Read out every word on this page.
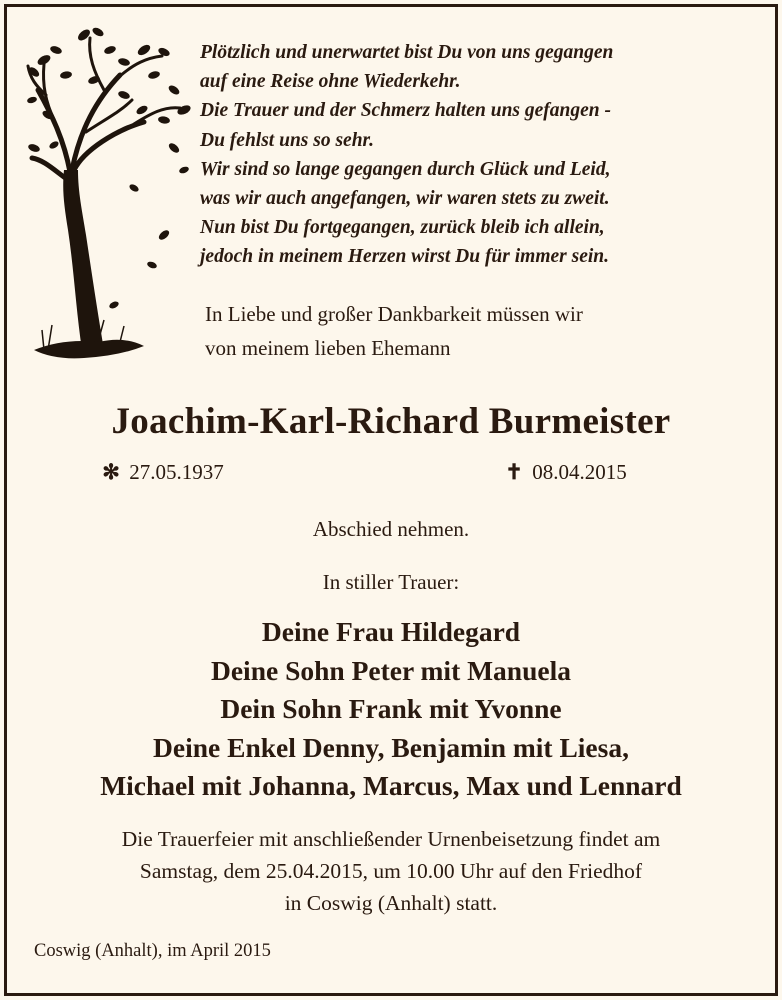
Plötzlich und unerwartet bist Du von uns gegangen
auf eine Reise ohne Wiederkehr.
Die Trauer und der Schmerz halten uns gefangen -
Du fehlst uns so sehr.
Wir sind so lange gegangen durch Glück und Leid,
was wir auch angefangen, wir waren stets zu zweit.
Nun bist Du fortgegangen, zurück bleib ich allein,
jedoch in meinem Herzen wirst Du für immer sein.
In Liebe und großer Dankbarkeit müssen wir
von meinem lieben Ehemann
Joachim-Karl-Richard Burmeister
✻ 27.05.1937	✝ 08.04.2015
Abschied nehmen.
In stiller Trauer:
Deine Frau Hildegard
Deine Sohn Peter mit Manuela
Dein Sohn Frank mit Yvonne
Deine Enkel Denny, Benjamin mit Liesa,
Michael mit Johanna, Marcus, Max und Lennard
Die Trauerfeier mit anschließender Urnenbeisetzung findet am
Samstag, dem 25.04.2015, um 10.00 Uhr auf den Friedhof
in Coswig (Anhalt) statt.
Coswig (Anhalt), im April 2015
